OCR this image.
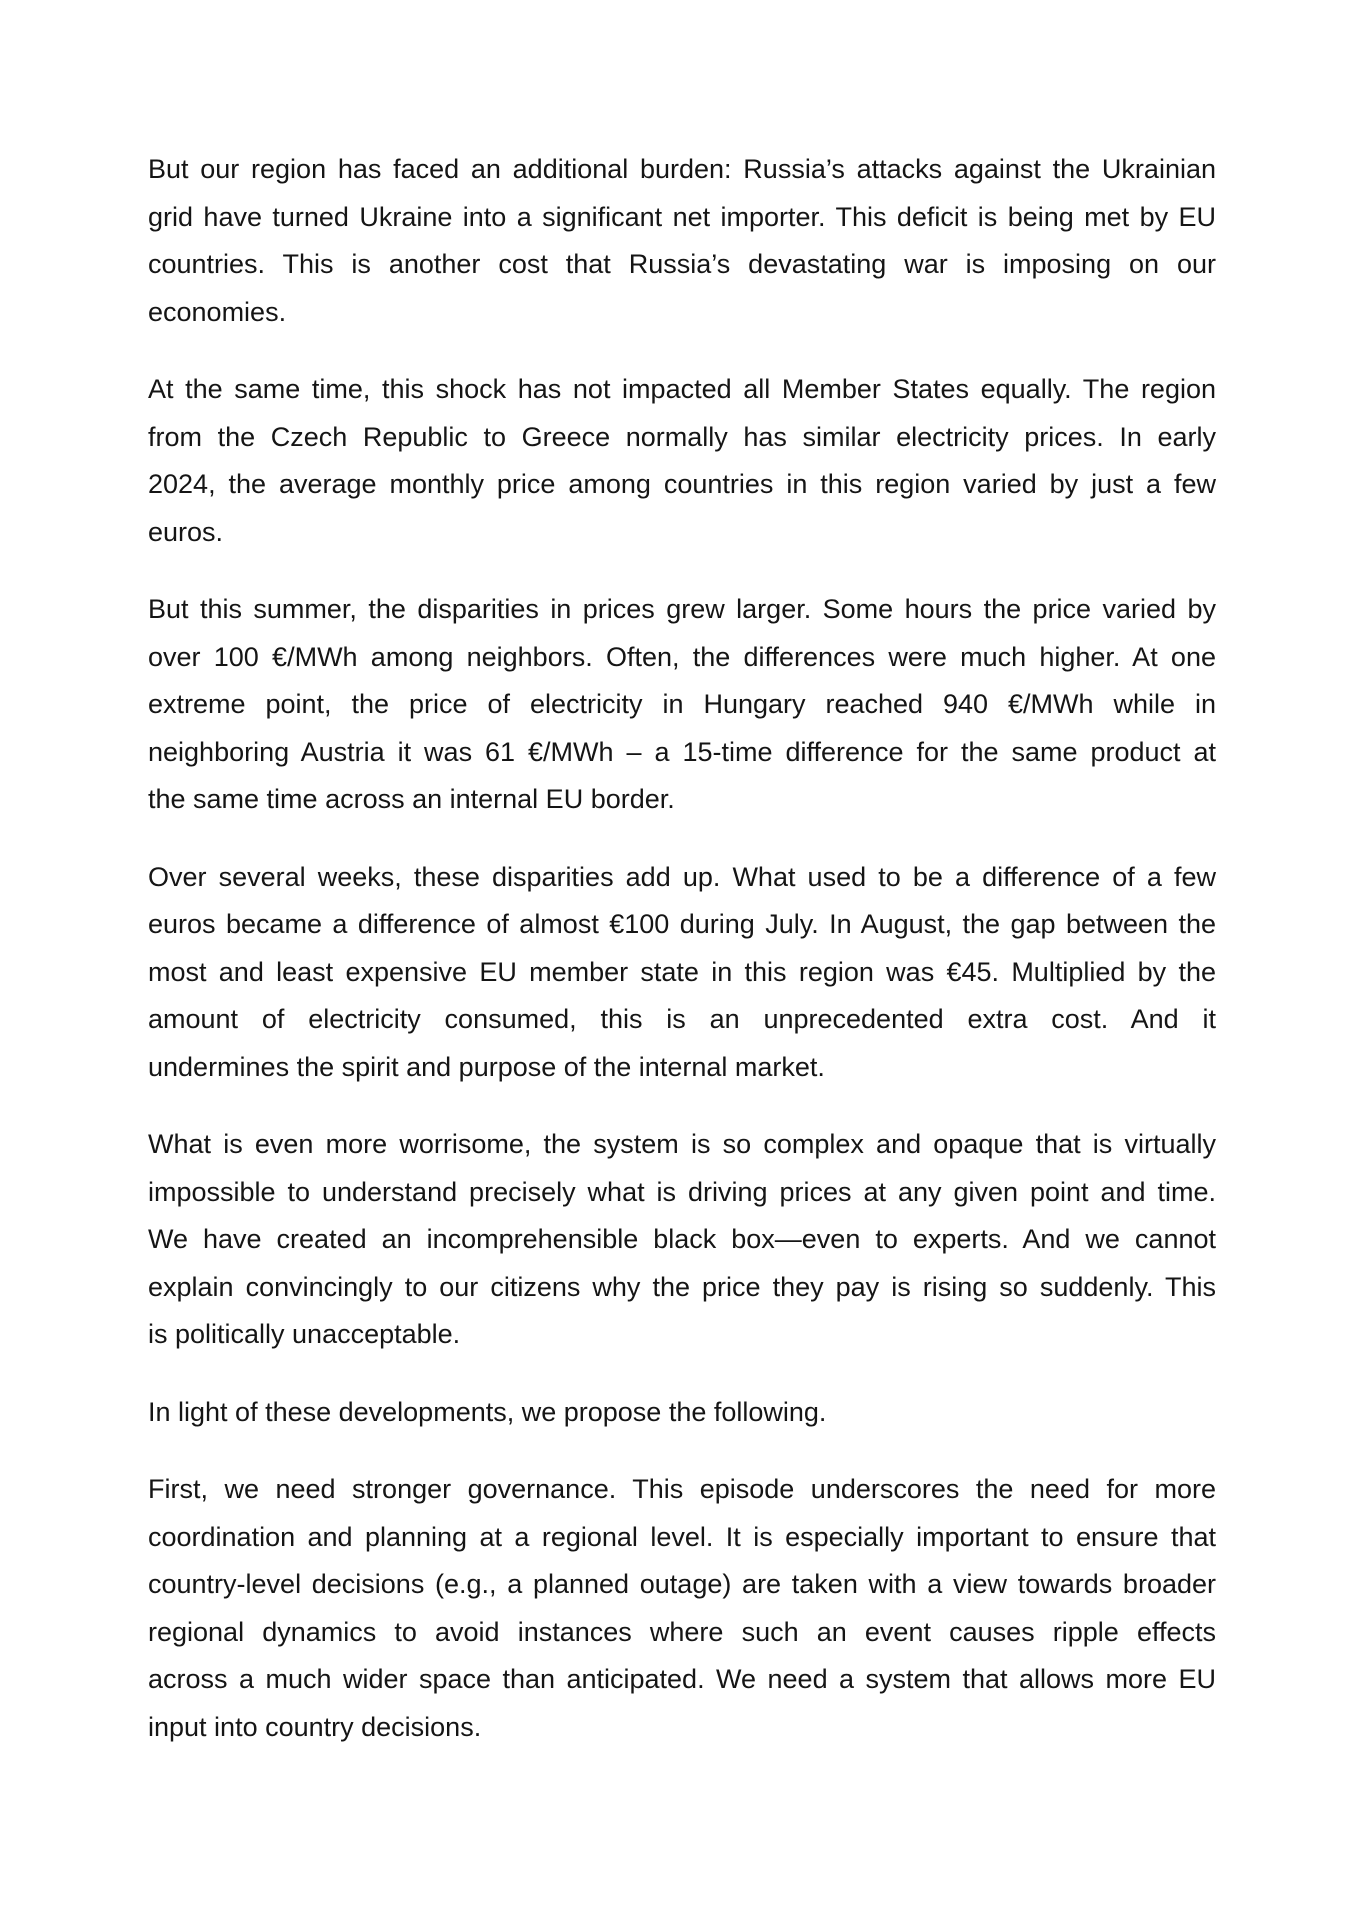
But our region has faced an additional burden: Russia’s attacks against the Ukrainian
grid have turned Ukraine into a significant net importer. This deficit is being met by EU
countries. This is another cost that Russia’s devastating war is imposing on our
economies.
At the same time, this shock has not impacted all Member States equally. The region
from the Czech Republic to Greece normally has similar electricity prices. In early
2024, the average monthly price among countries in this region varied by just a few
euros.
But this summer, the disparities in prices grew larger. Some hours the price varied by
over 100 €/MWh among neighbors. Often, the differences were much higher. At one
extreme point, the price of electricity in Hungary reached 940 €/MWh while in
neighboring Austria it was 61 €/MWh – a 15-time difference for the same product at
the same time across an internal EU border.
Over several weeks, these disparities add up. What used to be a difference of a few
euros became a difference of almost €100 during July. In August, the gap between the
most and least expensive EU member state in this region was €45. Multiplied by the
amount of electricity consumed, this is an unprecedented extra cost. And it
undermines the spirit and purpose of the internal market.
What is even more worrisome, the system is so complex and opaque that is virtually
impossible to understand precisely what is driving prices at any given point and time.
We have created an incomprehensible black box—even to experts. And we cannot
explain convincingly to our citizens why the price they pay is rising so suddenly. This
is politically unacceptable.
In light of these developments, we propose the following.
First, we need stronger governance. This episode underscores the need for more
coordination and planning at a regional level. It is especially important to ensure that
country-level decisions (e.g., a planned outage) are taken with a view towards broader
regional dynamics to avoid instances where such an event causes ripple effects
across a much wider space than anticipated. We need a system that allows more EU
input into country decisions.
